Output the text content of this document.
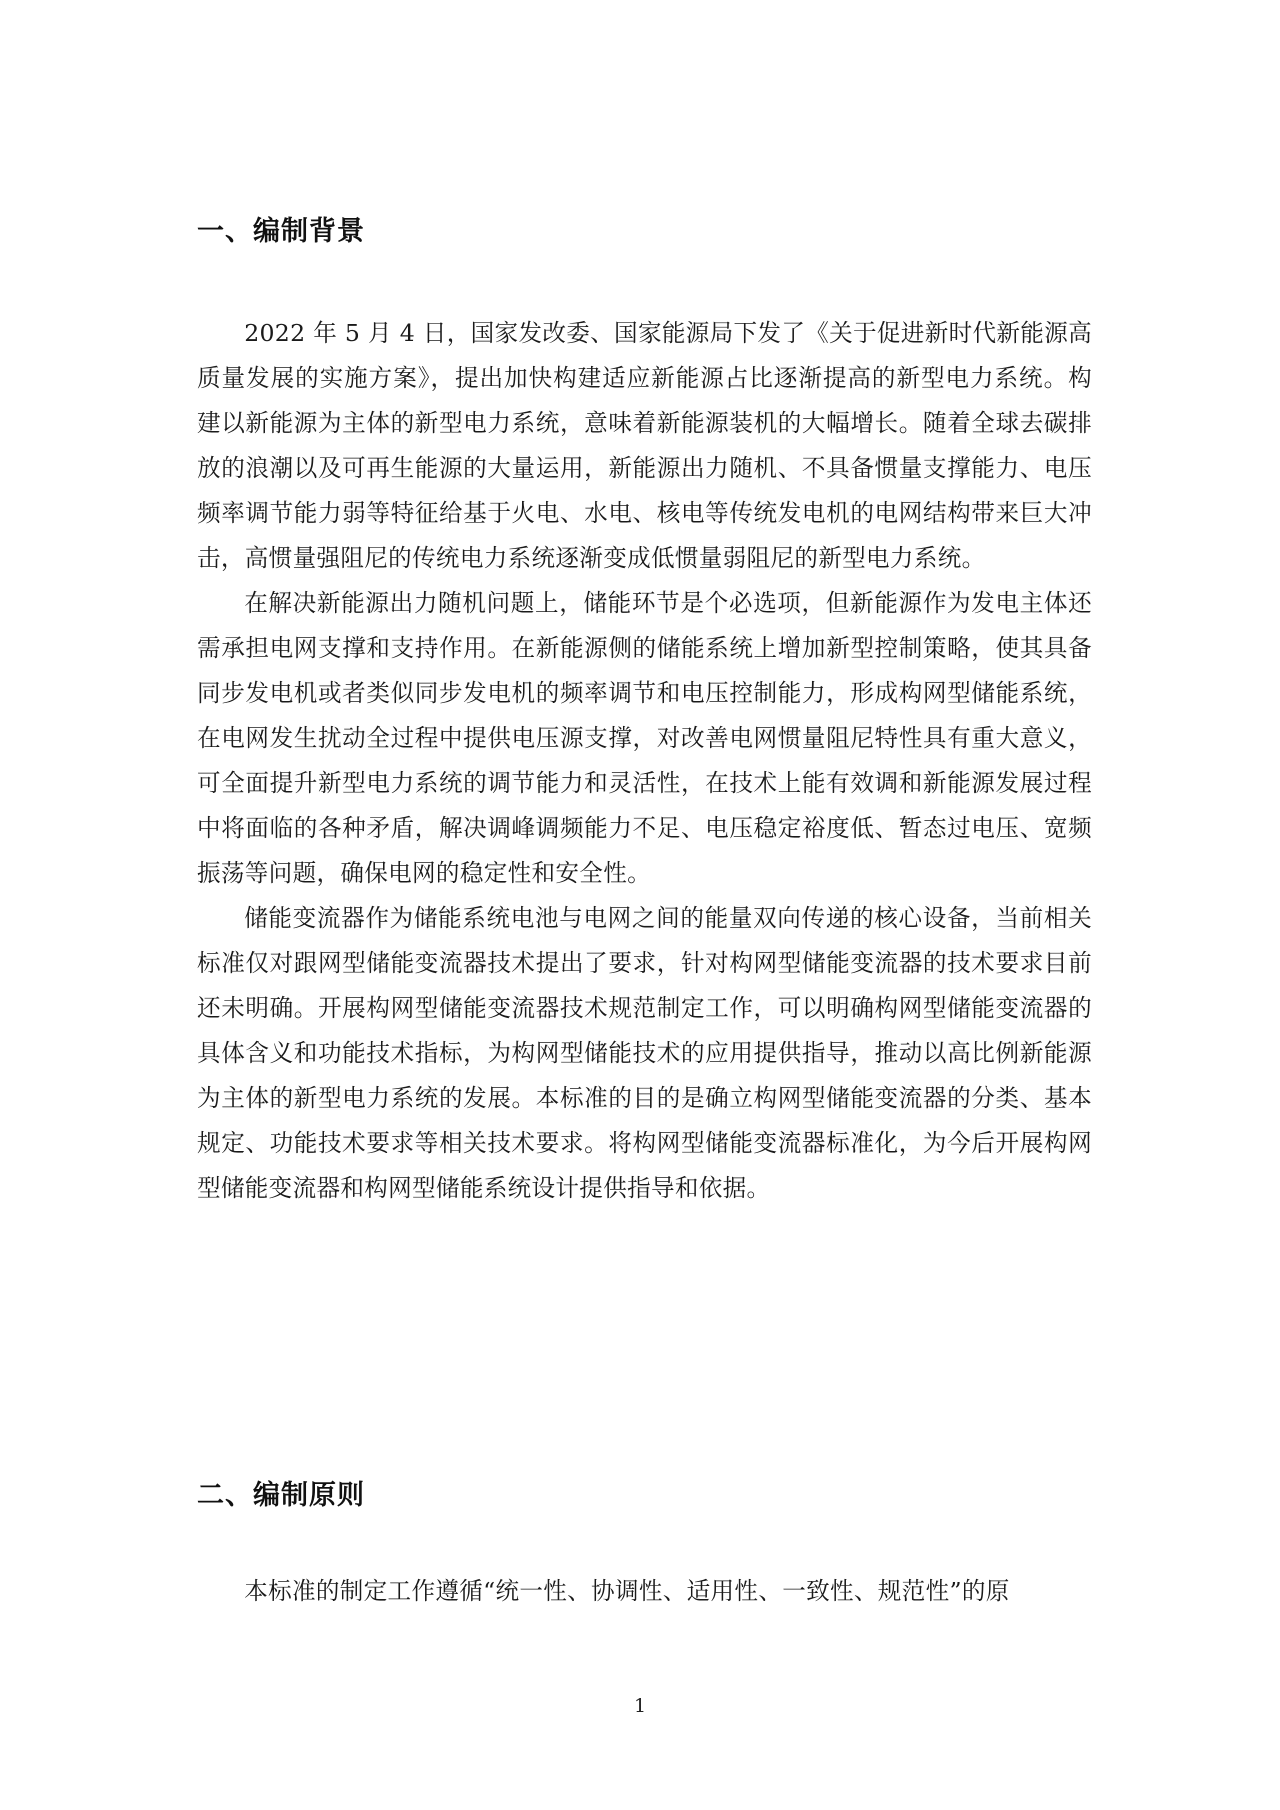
一、编制背景

2022 年 5 月 4 日，国家发改委、国家能源局下发了《关于促进新时代新能源高质量发展的实施方案》，提出加快构建适应新能源占比逐渐提高的新型电力系统。构建以新能源为主体的新型电力系统，意味着新能源装机的大幅增长。随着全球去碳排放的浪潮以及可再生能源的大量运用，新能源出力随机、不具备惯量支撑能力、电压频率调节能力弱等特征给基于火电、水电、核电等传统发电机的电网结构带来巨大冲击，高惯量强阻尼的传统电力系统逐渐变成低惯量弱阻尼的新型电力系统。

在解决新能源出力随机问题上，储能环节是个必选项，但新能源作为发电主体还需承担电网支撑和支持作用。在新能源侧的储能系统上增加新型控制策略，使其具备同步发电机或者类似同步发电机的频率调节和电压控制能力，形成构网型储能系统，在电网发生扰动全过程中提供电压源支撑，对改善电网惯量阻尼特性具有重大意义，可全面提升新型电力系统的调节能力和灵活性，在技术上能有效调和新能源发展过程中将面临的各种矛盾，解决调峰调频能力不足、电压稳定裕度低、暂态过电压、宽频振荡等问题，确保电网的稳定性和安全性。

储能变流器作为储能系统电池与电网之间的能量双向传递的核心设备，当前相关标准仅对跟网型储能变流器技术提出了要求，针对构网型储能变流器的技术要求目前还未明确。开展构网型储能变流器技术规范制定工作，可以明确构网型储能变流器的具体含义和功能技术指标，为构网型储能技术的应用提供指导，推动以高比例新能源为主体的新型电力系统的发展。本标准的目的是确立构网型储能变流器的分类、基本规定、功能技术要求等相关技术要求。将构网型储能变流器标准化，为今后开展构网型储能变流器和构网型储能系统设计提供指导和依据。

二、编制原则

本标准的制定工作遵循“统一性、协调性、适用性、一致性、规范性”的原

1
